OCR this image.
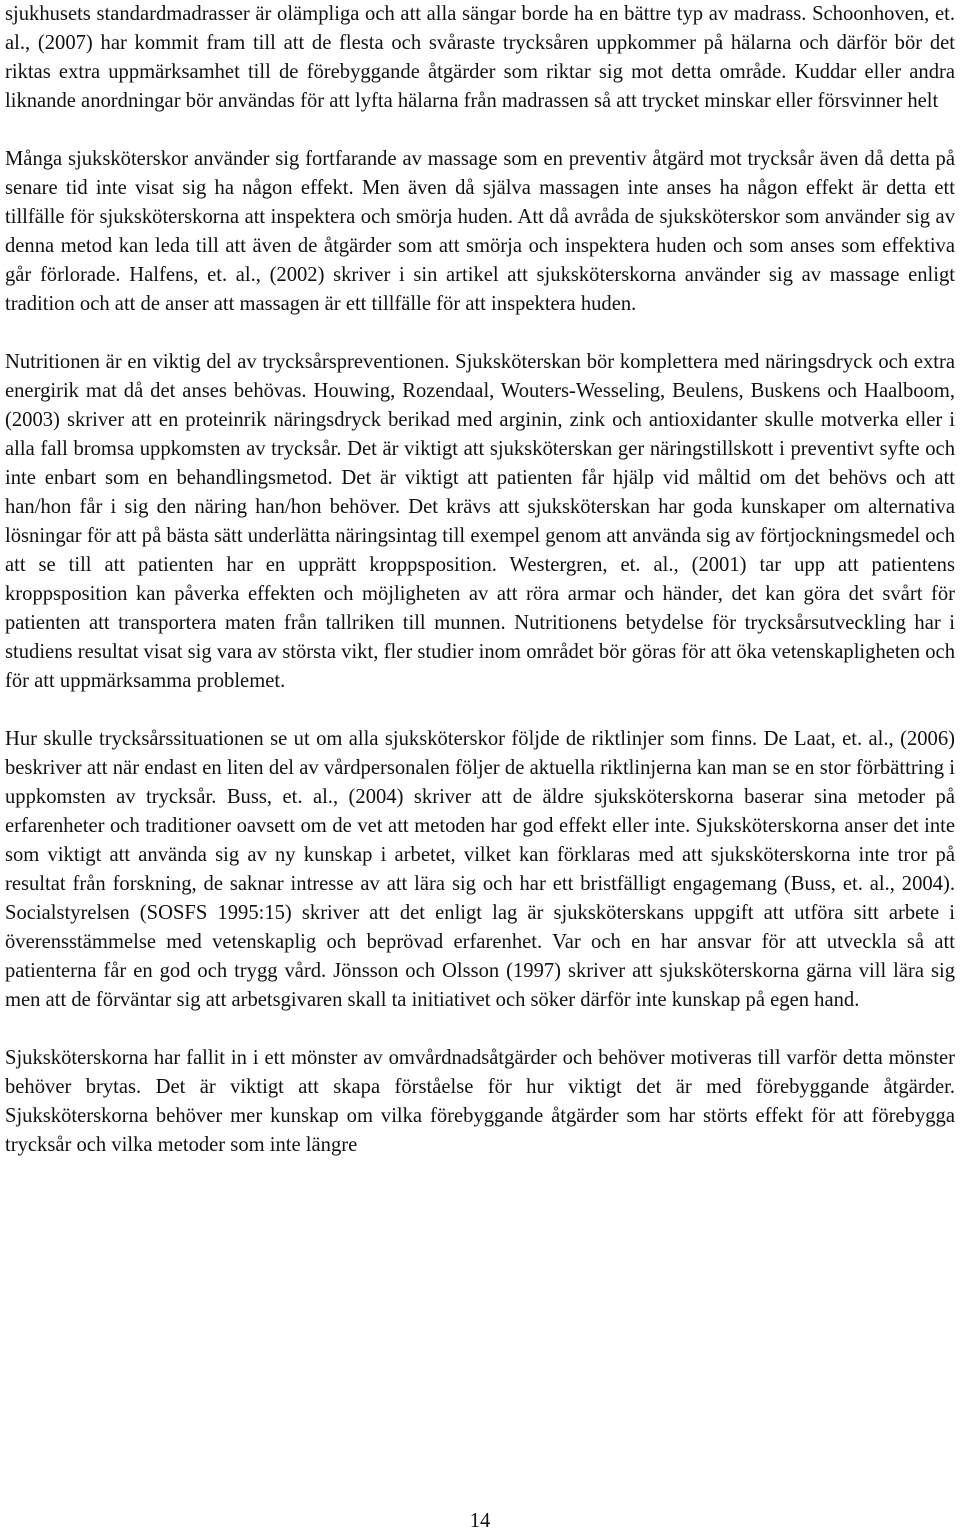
sjukhusets standardmadrasser är olämpliga och att alla sängar borde ha en bättre typ av madrass. Schoonhoven, et. al., (2007) har kommit fram till att de flesta och svåraste trycksåren uppkommer på hälarna och därför bör det riktas extra uppmärksamhet till de förebyggande åtgärder som riktar sig mot detta område. Kuddar eller andra liknande anordningar bör användas för att lyfta hälarna från madrassen så att trycket minskar eller försvinner helt

Många sjuksköterskor använder sig fortfarande av massage som en preventiv åtgärd mot trycksår även då detta på senare tid inte visat sig ha någon effekt. Men även då själva massagen inte anses ha någon effekt är detta ett tillfälle för sjuksköterskorna att inspektera och smörja huden. Att då avråda de sjuksköterskor som använder sig av denna metod kan leda till att även de åtgärder som att smörja och inspektera huden och som anses som effektiva går förlorade. Halfens, et. al., (2002) skriver i sin artikel att sjuksköterskorna använder sig av massage enligt tradition och att de anser att massagen är ett tillfälle för att inspektera huden.

Nutritionen är en viktig del av trycksårspreventionen. Sjuksköterskan bör komplettera med näringsdryck och extra energirik mat då det anses behövas. Houwing, Rozendaal, Wouters-Wesseling, Beulens, Buskens och Haalboom, (2003) skriver att en proteinrik näringsdryck berikad med arginin, zink och antioxidanter skulle motverka eller i alla fall bromsa uppkomsten av trycksår. Det är viktigt att sjuksköterskan ger näringstillskott i preventivt syfte och inte enbart som en behandlingsmetod. Det är viktigt att patienten får hjälp vid måltid om det behövs och att han/hon får i sig den näring han/hon behöver. Det krävs att sjuksköterskan har goda kunskaper om alternativa lösningar för att på bästa sätt underlätta näringsintag till exempel genom att använda sig av förtjockningsmedel och att se till att patienten har en upprätt kroppsposition. Westergren, et. al., (2001) tar upp att patientens kroppsposition kan påverka effekten och möjligheten av att röra armar och händer, det kan göra det svårt för patienten att transportera maten från tallriken till munnen. Nutritionens betydelse för trycksårsutveckling har i studiens resultat visat sig vara av största vikt, fler studier inom området bör göras för att öka vetenskapligheten och för att uppmärksamma problemet.

Hur skulle trycksårssituationen se ut om alla sjuksköterskor följde de riktlinjer som finns. De Laat, et. al., (2006) beskriver att när endast en liten del av vårdpersonalen följer de aktuella riktlinjerna kan man se en stor förbättring i uppkomsten av trycksår. Buss, et. al., (2004) skriver att de äldre sjuksköterskorna baserar sina metoder på erfarenheter och traditioner oavsett om de vet att metoden har god effekt eller inte. Sjuksköterskorna anser det inte som viktigt att använda sig av ny kunskap i arbetet, vilket kan förklaras med att sjuksköterskorna inte tror på resultat från forskning, de saknar intresse av att lära sig och har ett bristfälligt engagemang (Buss, et. al., 2004). Socialstyrelsen (SOSFS 1995:15) skriver att det enligt lag är sjuksköterskans uppgift att utföra sitt arbete i överensstämmelse med vetenskaplig och beprövad erfarenhet. Var och en har ansvar för att utveckla så att patienterna får en god och trygg vård. Jönsson och Olsson (1997) skriver att sjuksköterskorna gärna vill lära sig men att de förväntar sig att arbetsgivaren skall ta initiativet och söker därför inte kunskap på egen hand.

Sjuksköterskorna har fallit in i ett mönster av omvårdnadsåtgärder och behöver motiveras till varför detta mönster behöver brytas. Det är viktigt att skapa förståelse för hur viktigt det är med förebyggande åtgärder. Sjuksköterskorna behöver mer kunskap om vilka förebyggande åtgärder som har störts effekt för att förebygga trycksår och vilka metoder som inte längre

14
